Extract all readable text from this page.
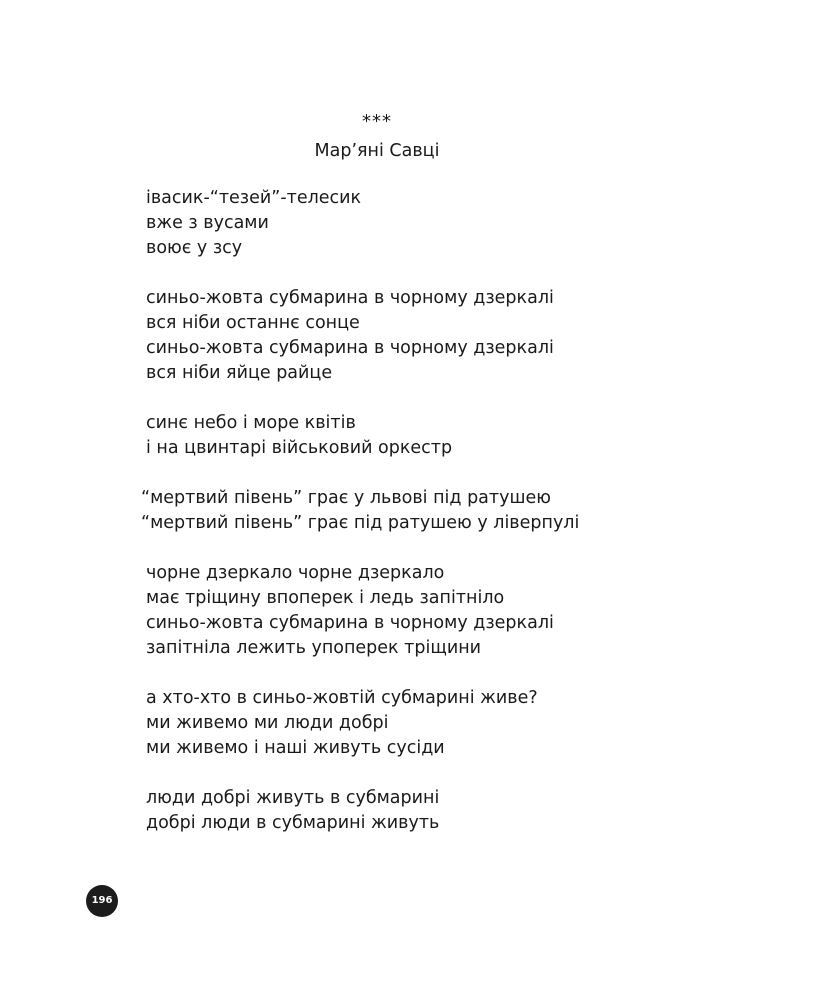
***
Мар’яні Савці
івасик-“тезей”-телесик
вже з вусами
воює у зсу
синьо-жовта субмарина в чорному дзеркалі
вся ніби останнє сонце
синьо-жовта субмарина в чорному дзеркалі
вся ніби яйце райце
синє небо і море квітів
і на цвинтарі військовий оркестр
“мертвий півень” грає у львові під ратушею
“мертвий півень” грає під ратушею у ліверпулі
чорне дзеркало чорне дзеркало
має тріщину впоперек і ледь запітніло
синьо-жовта субмарина в чорному дзеркалі
запітніла лежить упоперек тріщини
а хто-хто в синьо-жовтій субмарині живе?
ми живемо ми люди добрі
ми живемо і наші живуть сусіди
люди добрі живуть в субмарині
добрі люди в субмарині живуть
196
